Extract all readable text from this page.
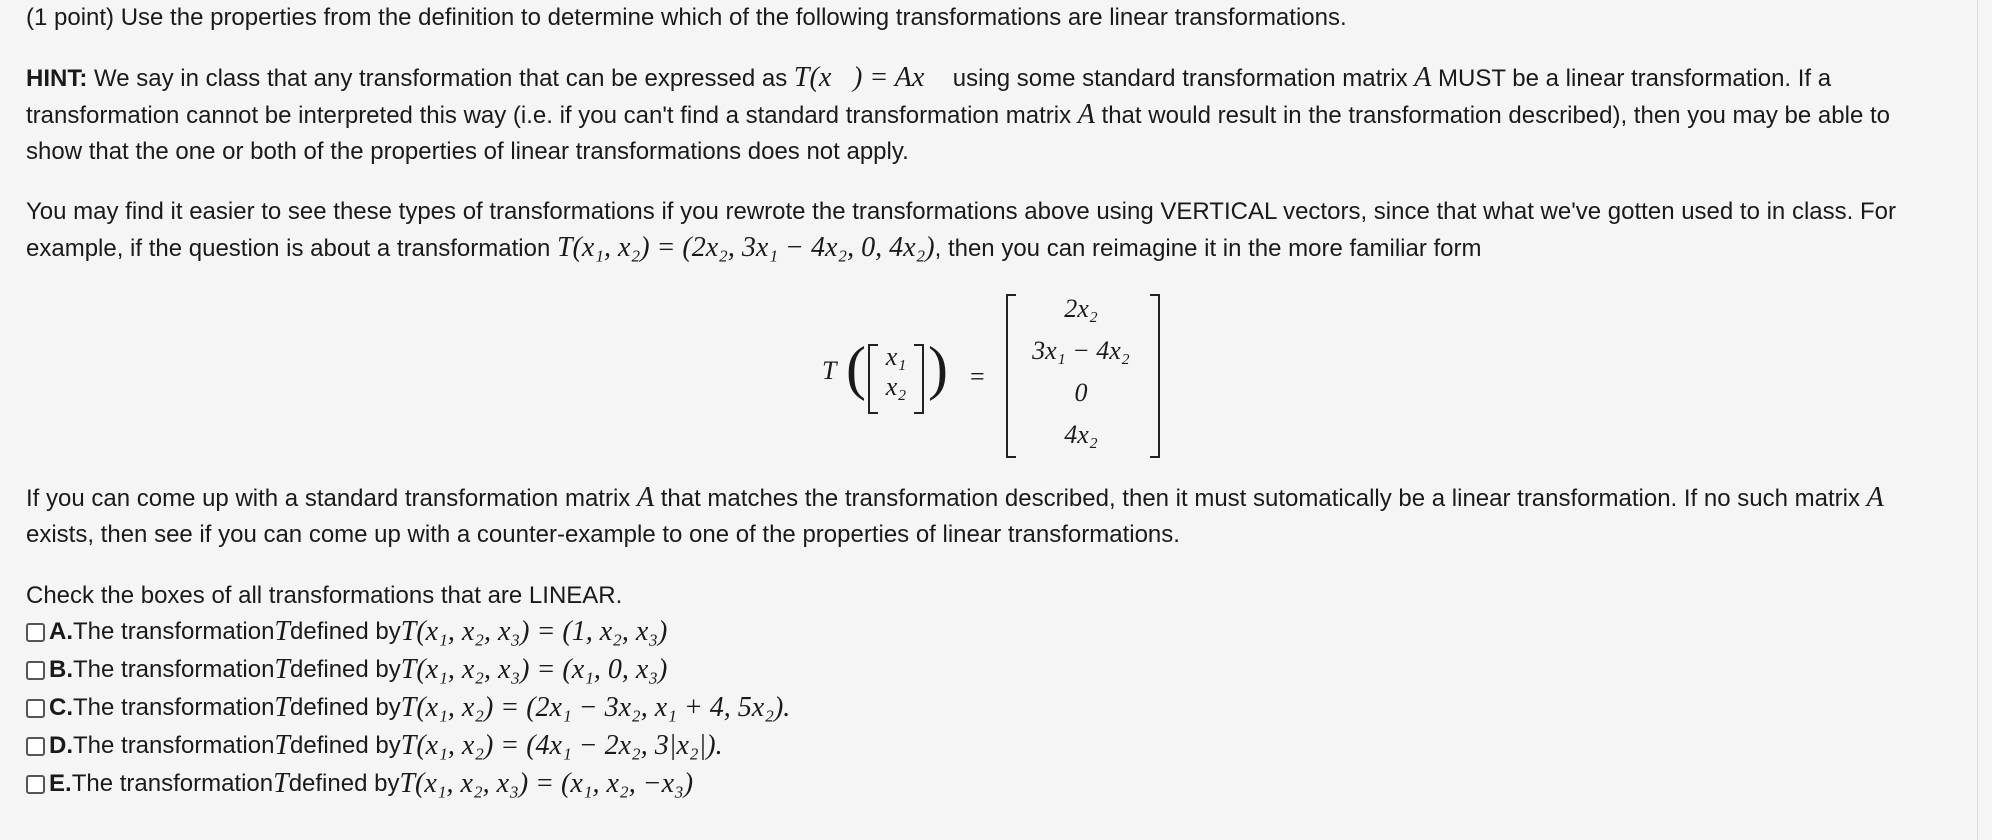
(1 point) Use the properties from the definition to determine which of the following transformations are linear transformations.
HINT: We say in class that any transformation that can be expressed as T(x⃗) = Ax⃗ using some standard transformation matrix A MUST be a linear transformation. If a transformation cannot be interpreted this way (i.e. if you can't find a standard transformation matrix A that would result in the transformation described), then you may be able to show that the one or both of the properties of linear transformations does not apply.
You may find it easier to see these types of transformations if you rewrote the transformations above using VERTICAL vectors, since that what we've gotten used to in class. For example, if the question is about a transformation T(x₁, x₂) = (2x₂, 3x₁ − 4x₂, 0, 4x₂), then you can reimagine it in the more familiar form
T ( x₁
x₂ ) =
2x₂
3x₁ − 4x₂
0
4x₂
If you can come up with a standard transformation matrix A that matches the transformation described, then it must sutomatically be a linear transformation. If no such matrix A exists, then see if you can come up with a counter-example to one of the properties of linear transformations.
Check the boxes of all transformations that are LINEAR.
A. The transformation T defined by T(x₁, x₂, x₃) = (1, x₂, x₃)
B. The transformation T defined by T(x₁, x₂, x₃) = (x₁, 0, x₃)
C. The transformation T defined by T(x₁, x₂) = (2x₁ − 3x₂, x₁ + 4, 5x₂).
D. The transformation T defined by T(x₁, x₂) = (4x₁ − 2x₂, 3|x₂|).
E. The transformation T defined by T(x₁, x₂, x₃) = (x₁, x₂, −x₃)
